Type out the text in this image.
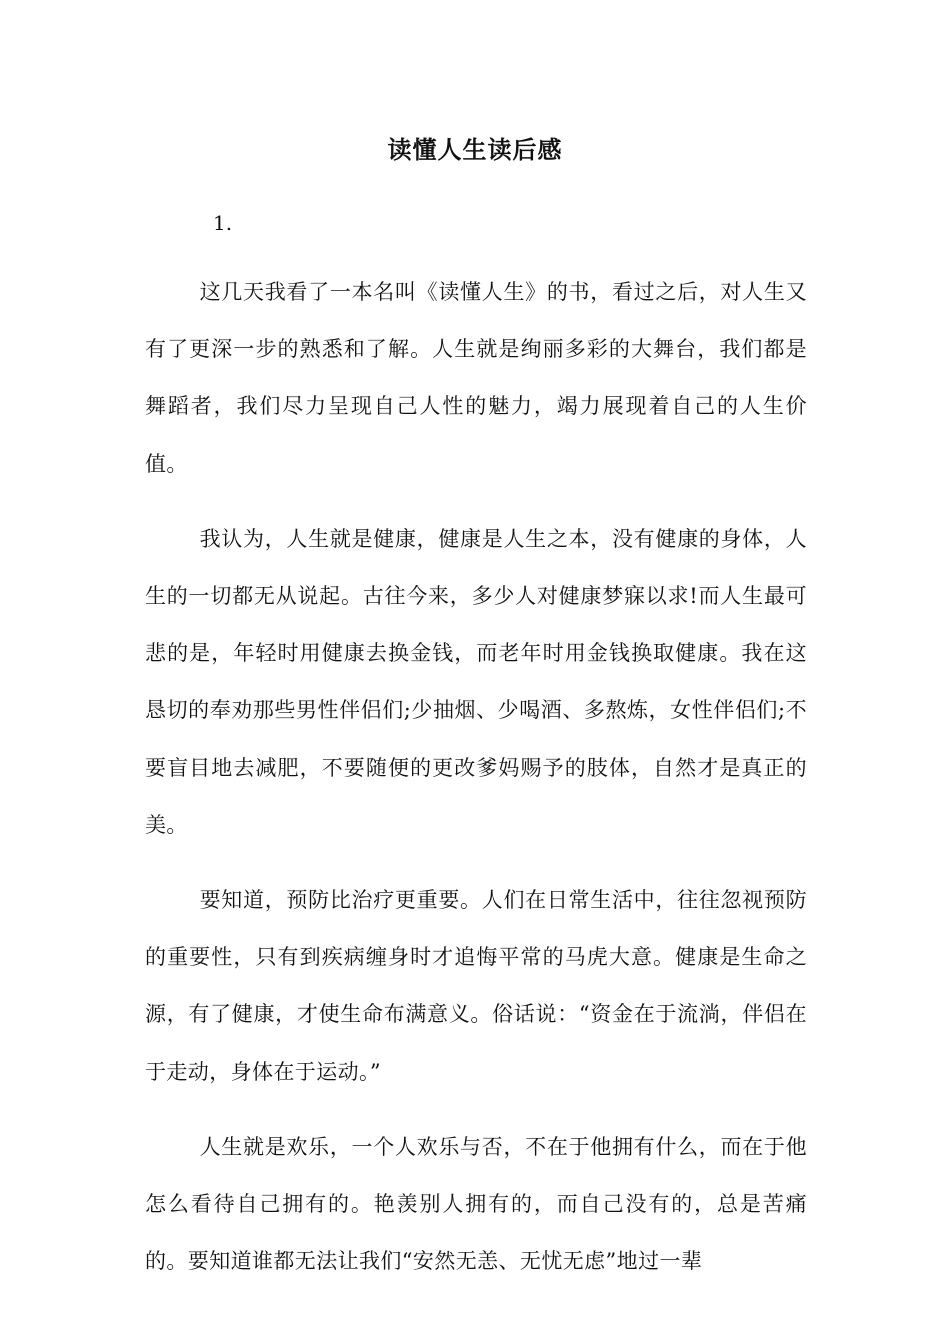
读懂人生读后感
1.

这几天我看了一本名叫《读懂人生》的书，看过之后，对人生又有了更深一步的熟悉和了解。人生就是绚丽多彩的大舞台，我们都是舞蹈者，我们尽力呈现自己人性的魅力，竭力展现着自己的人生价值。

我认为，人生就是健康，健康是人生之本，没有健康的身体，人生的一切都无从说起。古往今来，多少人对健康梦寐以求!而人生最可悲的是，年轻时用健康去换金钱，而老年时用金钱换取健康。我在这恳切的奉劝那些男性伴侣们;少抽烟、少喝酒、多熬炼，女性伴侣们;不要盲目地去减肥，不要随便的更改爹妈赐予的肢体，自然才是真正的美。

要知道，预防比治疗更重要。人们在日常生活中，往往忽视预防的重要性，只有到疾病缠身时才追悔平常的马虎大意。健康是生命之源，有了健康，才使生命布满意义。俗话说：“资金在于流淌，伴侣在于走动，身体在于运动。”

人生就是欢乐，一个人欢乐与否，不在于他拥有什么，而在于他怎么看待自己拥有的。艳羡别人拥有的，而自己没有的，总是苦痛的。要知道谁都无法让我们“安然无恙、无忧无虑”地过一辈
